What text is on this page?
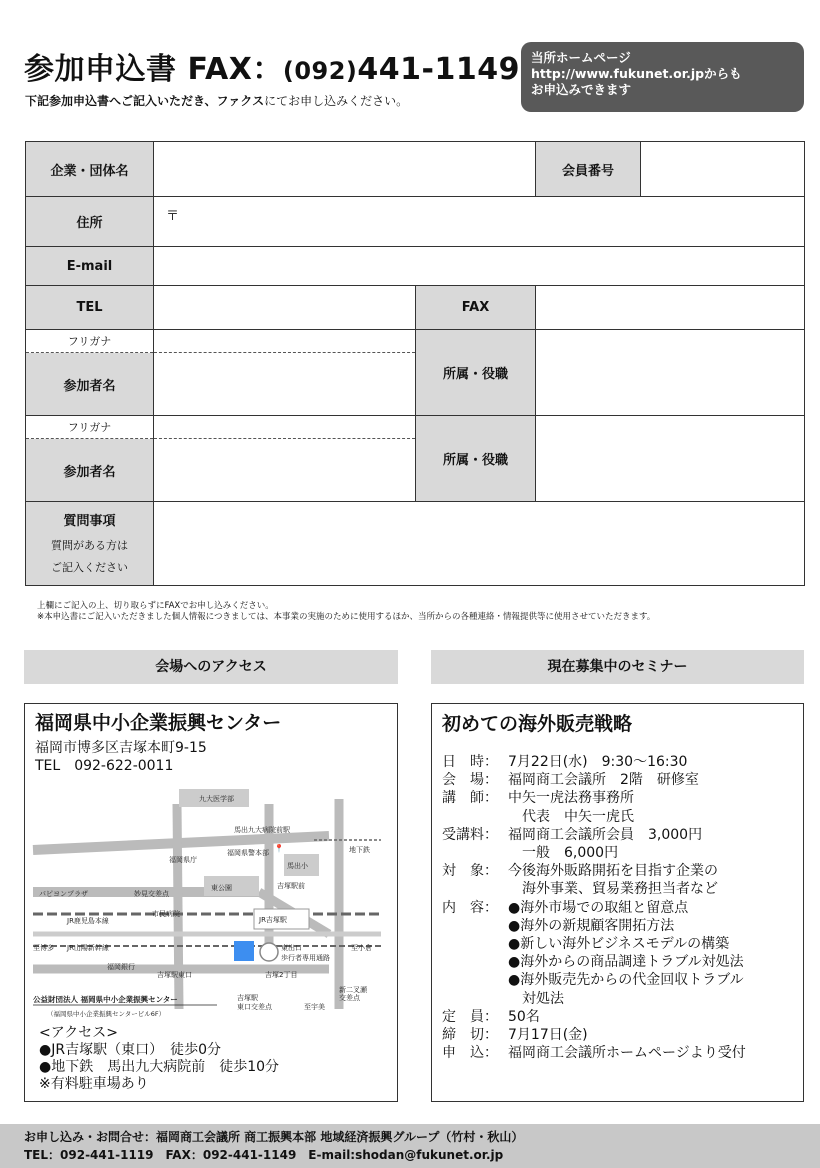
参加申込書 FAX：(092)441-1149
下記参加申込書へご記入いただき、ファクスにてお申し込みください。
当所ホームページ
http://www.fukunet.or.jpからも
お申込みできます
企業・団体名			会員番号	
住所	〒			
E-mail				
TEL		FAX		
フリガナ		所属・役職		
参加者名				
フリガナ		所属・役職		
参加者名				

質問事項
質問がある方は
ご記入ください				

上欄にご記入の上、切り取らずにFAXでお申し込みください。
※本申込書にご記入いただきました個人情報につきましては、本事業の実施のために使用するほか、当所からの各種連絡・情報提供等に使用させていただきます。
会場へのアクセス	現在募集中のセミナー
福岡県中小企業振興センター
福岡市博多区吉塚本町9-15
TEL　092-622-0011
📍
九大医学部
馬出九大病院前駅
福岡県警本部
福岡県庁
地下鉄
馬出小
東公園	吉塚駅前
パピヨンプラザ	妙見交差点
JR鹿児島本線
市民病院
JR吉塚駅
至博多 JR山陽新幹線	東出口
歩行者専用通路
至小倉
福岡銀行
吉塚駅東口	吉塚2丁目
新二叉瀬
交差点
吉塚駅
東口交差点	至宇美
公益財団法人 福岡県中小企業振興センター
（福岡県中小企業振興センタービル6F）
<アクセス>
●JR吉塚駅（東口）　徒歩0分
●地下鉄　馬出九大病院前　徒歩10分
※有料駐車場あり
初めての海外販売戦略
日　時： 7月22日(水)　9:30〜16:30
会　場： 福岡商工会議所　2階　研修室
講　師： 中矢一虎法務事務所
　代表　中矢一虎氏
受講料： 福岡商工会議所会員　3,000円
　一般　6,000円
対　象： 今後海外販路開拓を目指す企業の
　海外事業、貿易業務担当者など
内　容： ●海外市場での取組と留意点
●海外の新規顧客開拓方法
●新しい海外ビジネスモデルの構築
●海外からの商品調達トラブル対処法
●海外販売先からの代金回収トラブル
　対処法
定　員： 50名
締　切： 7月17日(金)
申　込： 福岡商工会議所ホームページより受付
お申し込み・お問合せ：福岡商工会議所 商工振興本部 地域経済振興グループ（竹村・秋山）
TEL：092-441-1119　FAX：092-441-1149　E-mail:shodan@fukunet.or.jp
